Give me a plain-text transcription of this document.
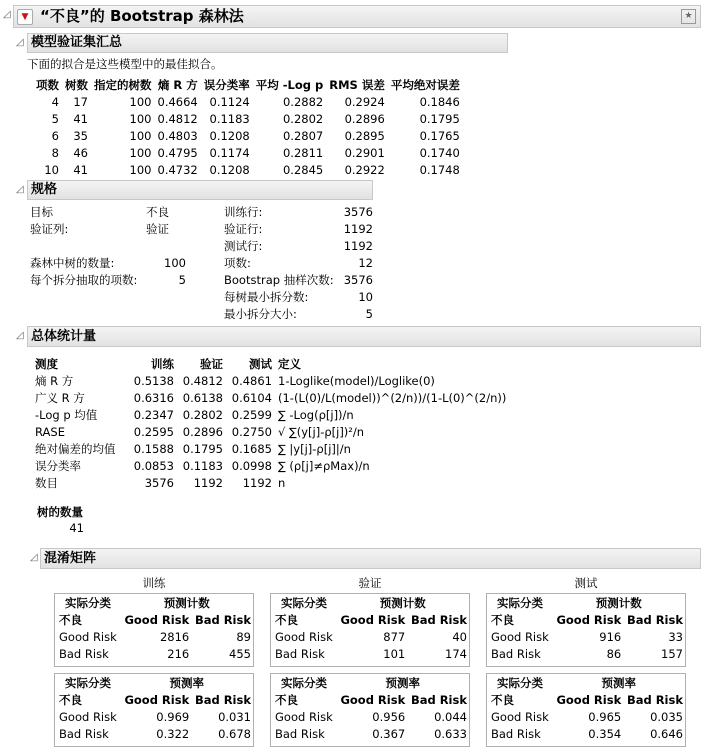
◿	▼ “不良”的 Bootstrap 森林法	★
◿ 模型验证集汇总
下面的拟合是这些模型中的最佳拟合。
项数	树数	指定的树数	熵 R 方	误分类率	平均 -Log p	RMS 误差	平均绝对误差
4	17	100	0.4664	0.1124	0.2882	0.2924	0.1846
5	41	100	0.4812	0.1183	0.2802	0.2896	0.1795
6	35	100	0.4803	0.1208	0.2807	0.2895	0.1765
8	46	100	0.4795	0.1174	0.2811	0.2901	0.1740
10	41	100	0.4732	0.1208	0.2845	0.2922	0.1748
◿ 规格
目标	不良
验证列:	验证

森林中树的数量:	100
每个拆分抽取的项数:	5
训练行:	3576
验证行:	1192
测试行:	1192
项数:	12
Bootstrap 抽样次数:	3576
每树最小拆分数:	10
最小拆分大小:	5
◿ 总体统计量
测度	训练	验证	测试	定义
熵 R 方	0.5138	0.4812	0.4861	1-Loglike(model)/Loglike(0)
广义 R 方	0.6316	0.6138	0.6104	(1-(L(0)/L(model))^(2/n))/(1-L(0)^(2/n))
-Log p 均值	0.2347	0.2802	0.2599	∑ -Log(ρ[j])/n
RASE	0.2595	0.2896	0.2750	√ ∑(y[j]-ρ[j])²/n
绝对偏差的均值	0.1588	0.1795	0.1685	∑ |y[j]-ρ[j]|/n
误分类率	0.0853	0.1183	0.0998	∑ (ρ[j]≠ρMax)/n
数目	3576	1192	1192	n
树的数量
41
◿ 混淆矩阵
训练
实际分类	预测计数	
不良	Good Risk	Bad Risk
Good Risk	2816	89
Bad Risk	216	455
实际分类	预测率	
不良	Good Risk	Bad Risk
Good Risk	0.969	0.031
Bad Risk	0.322	0.678
验证
实际分类	预测计数	
不良	Good Risk	Bad Risk
Good Risk	877	40
Bad Risk	101	174
实际分类	预测率	
不良	Good Risk	Bad Risk
Good Risk	0.956	0.044
Bad Risk	0.367	0.633
测试
实际分类	预测计数	
不良	Good Risk	Bad Risk
Good Risk	916	33
Bad Risk	86	157
实际分类	预测率	
不良	Good Risk	Bad Risk
Good Risk	0.965	0.035
Bad Risk	0.354	0.646
